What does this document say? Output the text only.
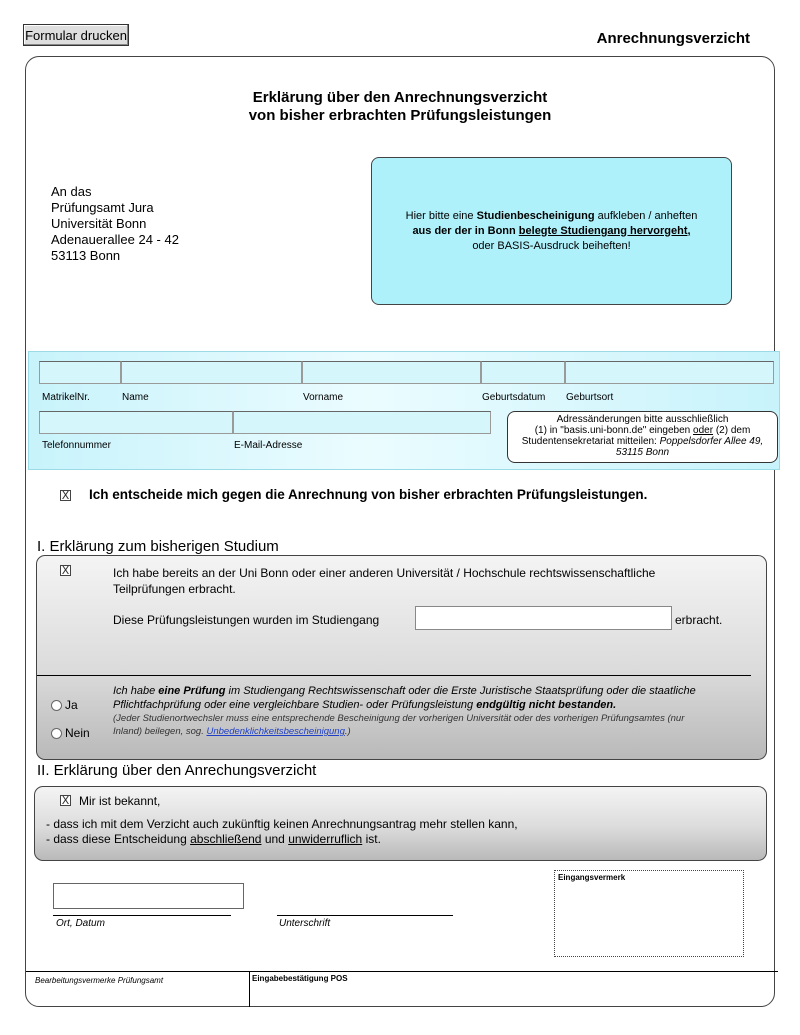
Formular drucken	Anrechnungsverzicht
Erklärung über den Anrechnungsverzicht
von bisher erbrachten Prüfungsleistungen
An das
Prüfungsamt Jura
Universität Bonn
Adenauerallee 24 - 42
53113 Bonn
Hier bitte eine Studienbescheinigung aufkleben / anheften
aus der der in Bonn belegte Studiengang hervorgeht,
oder BASIS-Ausdruck beiheften!
MatrikelNr.	Name	Vorname	Geburtsdatum Geburtsort
Telefonnummer	E-Mail-Adresse
Adressänderungen bitte ausschließlich
(1) in "basis.uni-bonn.de" eingeben oder (2) dem
Studentensekretariat mitteilen: Poppelsdorfer Allee 49,
53115 Bonn
X Ich entscheide mich gegen die Anrechnung von bisher erbrachten Prüfungsleistungen.
I. Erklärung zum bisherigen Studium
X	Ich habe bereits an der Uni Bonn oder einer anderen Universität / Hochschule rechtswissenschaftliche
Teilprüfungen erbracht.
Diese Prüfungsleistungen wurden im Studiengang	erbracht.
Ja
Nein
Ich habe eine Prüfung im Studiengang Rechtswissenschaft oder die Erste Juristische Staatsprüfung oder die staatliche
Pflichtfachprüfung oder eine vergleichbare Studien- oder Prüfungsleistung endgültig nicht bestanden.
(Jeder Studienortwechsler muss eine entsprechende Bescheinigung der vorherigen Universität oder des vorherigen Prüfungsamtes (nur
Inland) beilegen, sog. Unbedenklichkeitsbescheinigung.)
II. Erklärung über den Anrechungsverzicht
X Mir ist bekannt,
- dass ich mit dem Verzicht auch zukünftig keinen Anrechnungsantrag mehr stellen kann,
- dass diese Entscheidung abschließend und unwiderruflich ist.
Ort, Datum	Unterschrift
Eingangsvermerk
Bearbeitungsvermerke Prüfungsamt	Eingabebestätigung POS
